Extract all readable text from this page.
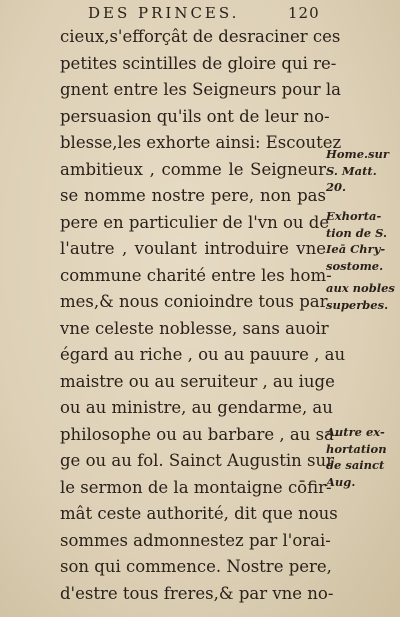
DES PRINCES.	120
cieux,s'efforçât de desraciner ces
petites scintilles de gloire qui re-
gnent entre les Seigneurs pour la
persuasion qu'ils ont de leur no-
blesse,les exhorte ainsi: Escoutez
ambitieux , comme le Seigneur
se nomme nostre pere, non pas
pere en particulier de l'vn ou de
l'autre , voulant introduire vne
commune charité entre les hom-
mes,& nous conioindre tous par
vne celeste noblesse, sans auoir
égard au riche , ou au pauure , au
maistre ou au seruiteur , au iuge
ou au ministre, au gendarme, au
philosophe ou au barbare , au sa-
ge ou au fol. Sainct Augustin sur
le sermon de la montaigne cōfir-
mât ceste authorité, dit que nous
sommes admonnestez par l'orai-
son qui commence. Nostre pere,
d'estre tous freres,& par vne no-
Home.sur
S. Matt.
20.
Exhorta-
tion de S.
Ieā Chry-
sostome.
aux nobles
superbes.
Autre ex-
hortation
de sainct
Aug.
